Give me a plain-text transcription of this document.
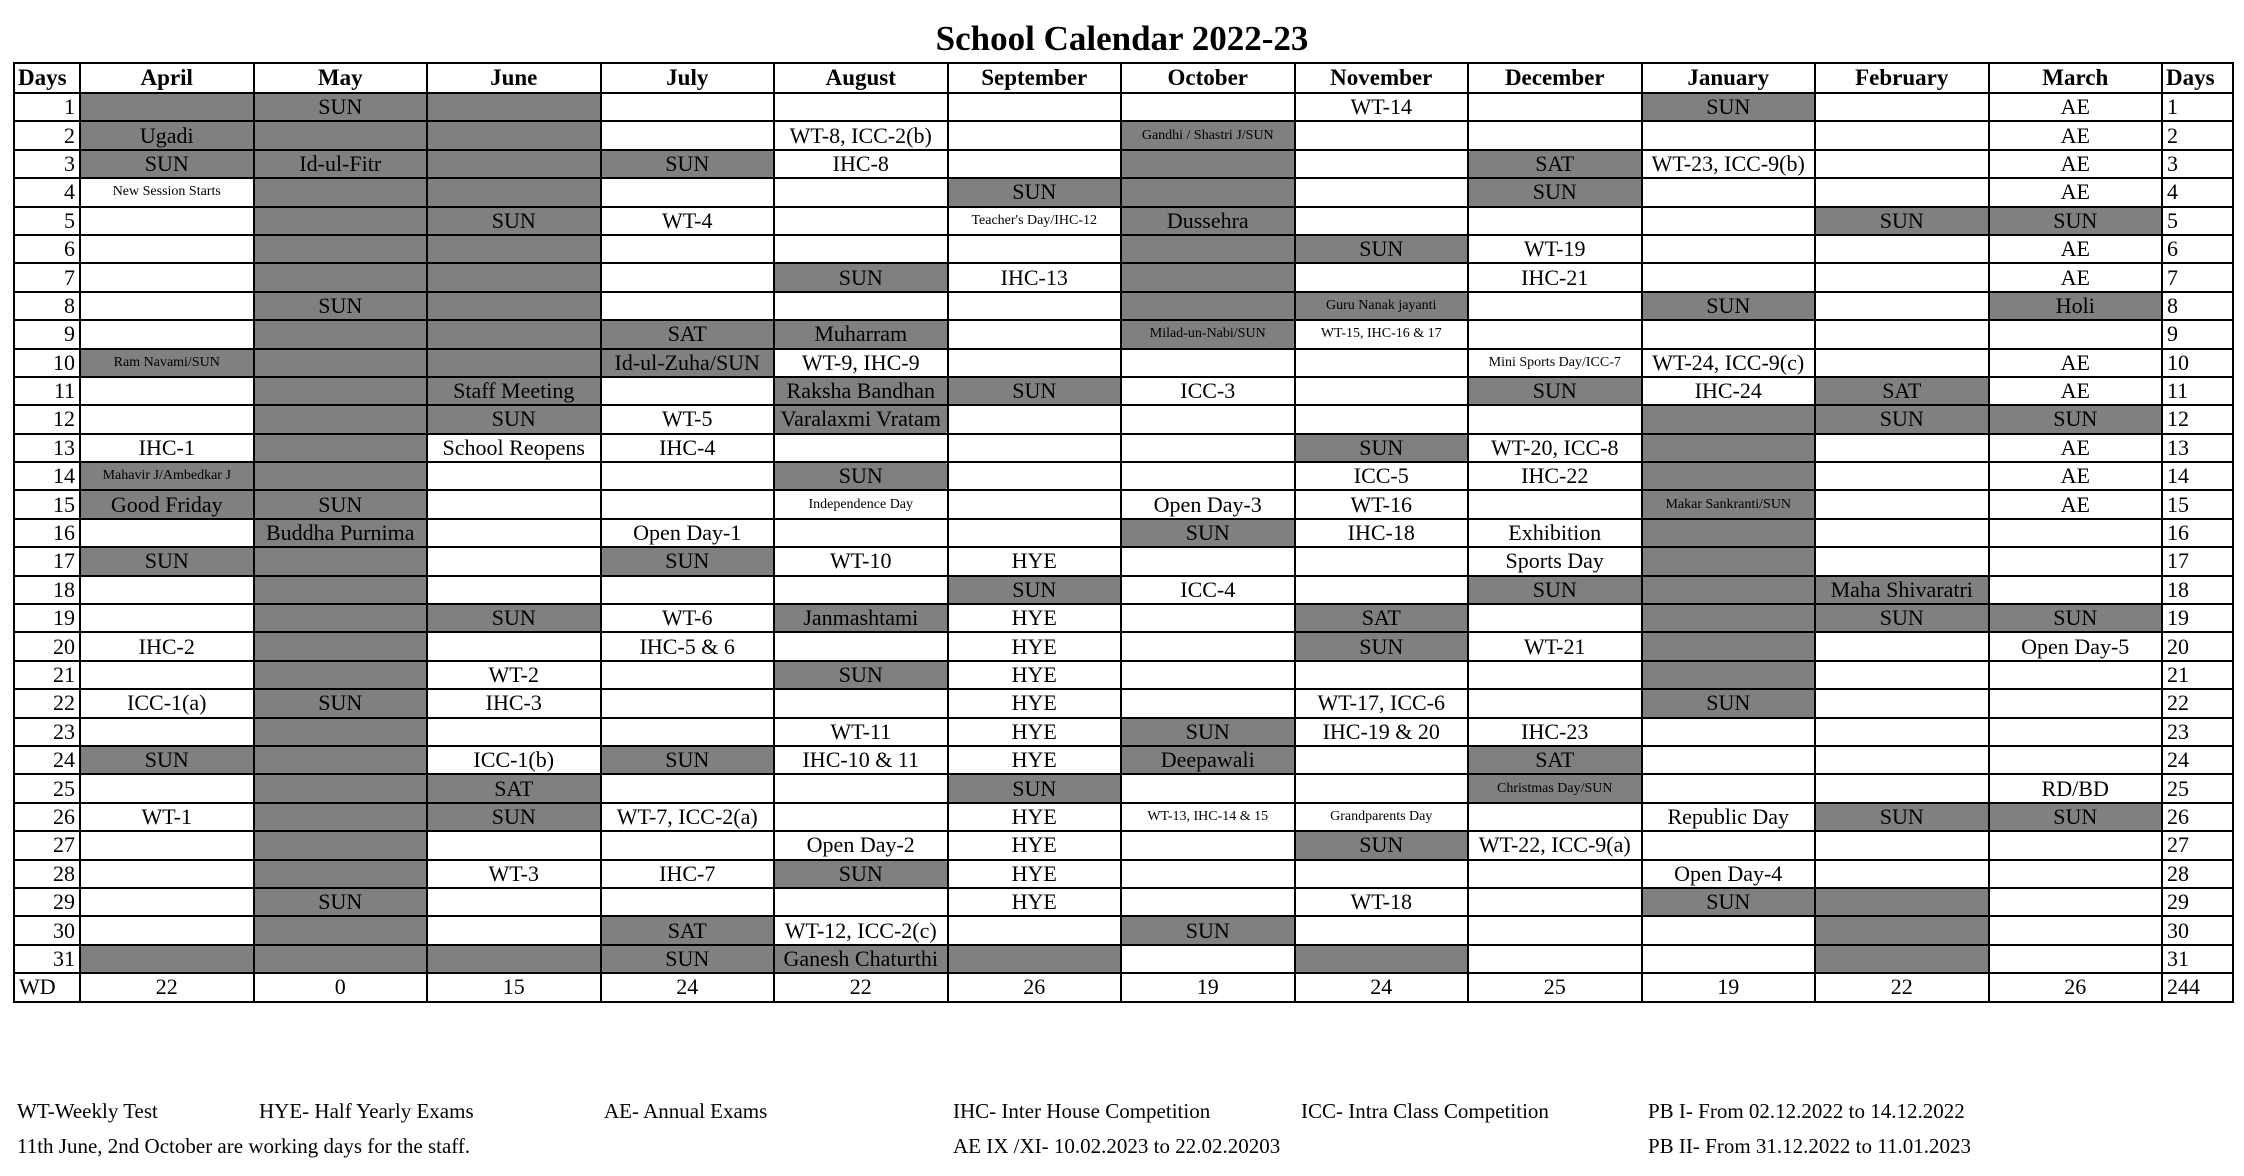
School Calendar 2022-23
Days	April	May	June	July	August	September	October	November	December	January	February	March	Days
1		SUN						WT-14		SUN		AE	1
2	Ugadi				WT-8, ICC-2(b)		Gandhi / Shastri J/SUN					AE	2
3	SUN	Id-ul-Fitr		SUN	IHC-8				SAT	WT-23, ICC-9(b)		AE	3
4	New Session Starts					SUN			SUN			AE	4
5			SUN	WT-4		Teacher's Day/IHC-12	Dussehra				SUN	SUN	5
6								SUN	WT-19			AE	6
7					SUN	IHC-13			IHC-21			AE	7
8		SUN						Guru Nanak jayanti		SUN		Holi	8
9				SAT	Muharram		Milad-un-Nabi/SUN	WT-15, IHC-16 & 17					9
10	Ram Navami/SUN			Id-ul-Zuha/SUN	WT-9, IHC-9				Mini Sports Day/ICC-7	WT-24, ICC-9(c)		AE	10
11			Staff Meeting		Raksha Bandhan	SUN	ICC-3		SUN	IHC-24	SAT	AE	11
12			SUN	WT-5	Varalaxmi Vratam						SUN	SUN	12
13	IHC-1		School Reopens	IHC-4				SUN	WT-20, ICC-8			AE	13
14	Mahavir J/Ambedkar J				SUN			ICC-5	IHC-22			AE	14
15	Good Friday	SUN			Independence Day		Open Day-3	WT-16		Makar Sankranti/SUN		AE	15
16		Buddha Purnima		Open Day-1			SUN	IHC-18	Exhibition				16
17	SUN			SUN	WT-10	HYE			Sports Day				17
18						SUN	ICC-4		SUN		Maha Shivaratri		18
19			SUN	WT-6	Janmashtami	HYE		SAT			SUN	SUN	19
20	IHC-2			IHC-5 & 6		HYE		SUN	WT-21			Open Day-5	20
21			WT-2		SUN	HYE							21
22	ICC-1(a)	SUN	IHC-3			HYE		WT-17, ICC-6		SUN			22
23					WT-11	HYE	SUN	IHC-19 & 20	IHC-23				23
24	SUN		ICC-1(b)	SUN	IHC-10 & 11	HYE	Deepawali		SAT				24
25			SAT			SUN			Christmas Day/SUN			RD/BD	25
26	WT-1		SUN	WT-7, ICC-2(a)		HYE	WT-13, IHC-14 & 15	Grandparents Day		Republic Day	SUN	SUN	26
27					Open Day-2	HYE		SUN	WT-22, ICC-9(a)				27
28			WT-3	IHC-7	SUN	HYE				Open Day-4			28
29		SUN				HYE		WT-18		SUN			29
30				SAT	WT-12, ICC-2(c)		SUN						30
31				SUN	Ganesh Chaturthi								31
WD	22	0	15	24	22	26	19	24	25	19	22	26	244
WT-Weekly Test	HYE- Half Yearly Exams	AE- Annual Exams	IHC- Inter House Competition	ICC- Intra Class Competition	PB I- From 02.12.2022 to 14.12.2022
11th June, 2nd October are working days for the staff.	AE IX /XI- 10.02.2023 to 22.02.20203	PB II- From 31.12.2022 to 11.01.2023
